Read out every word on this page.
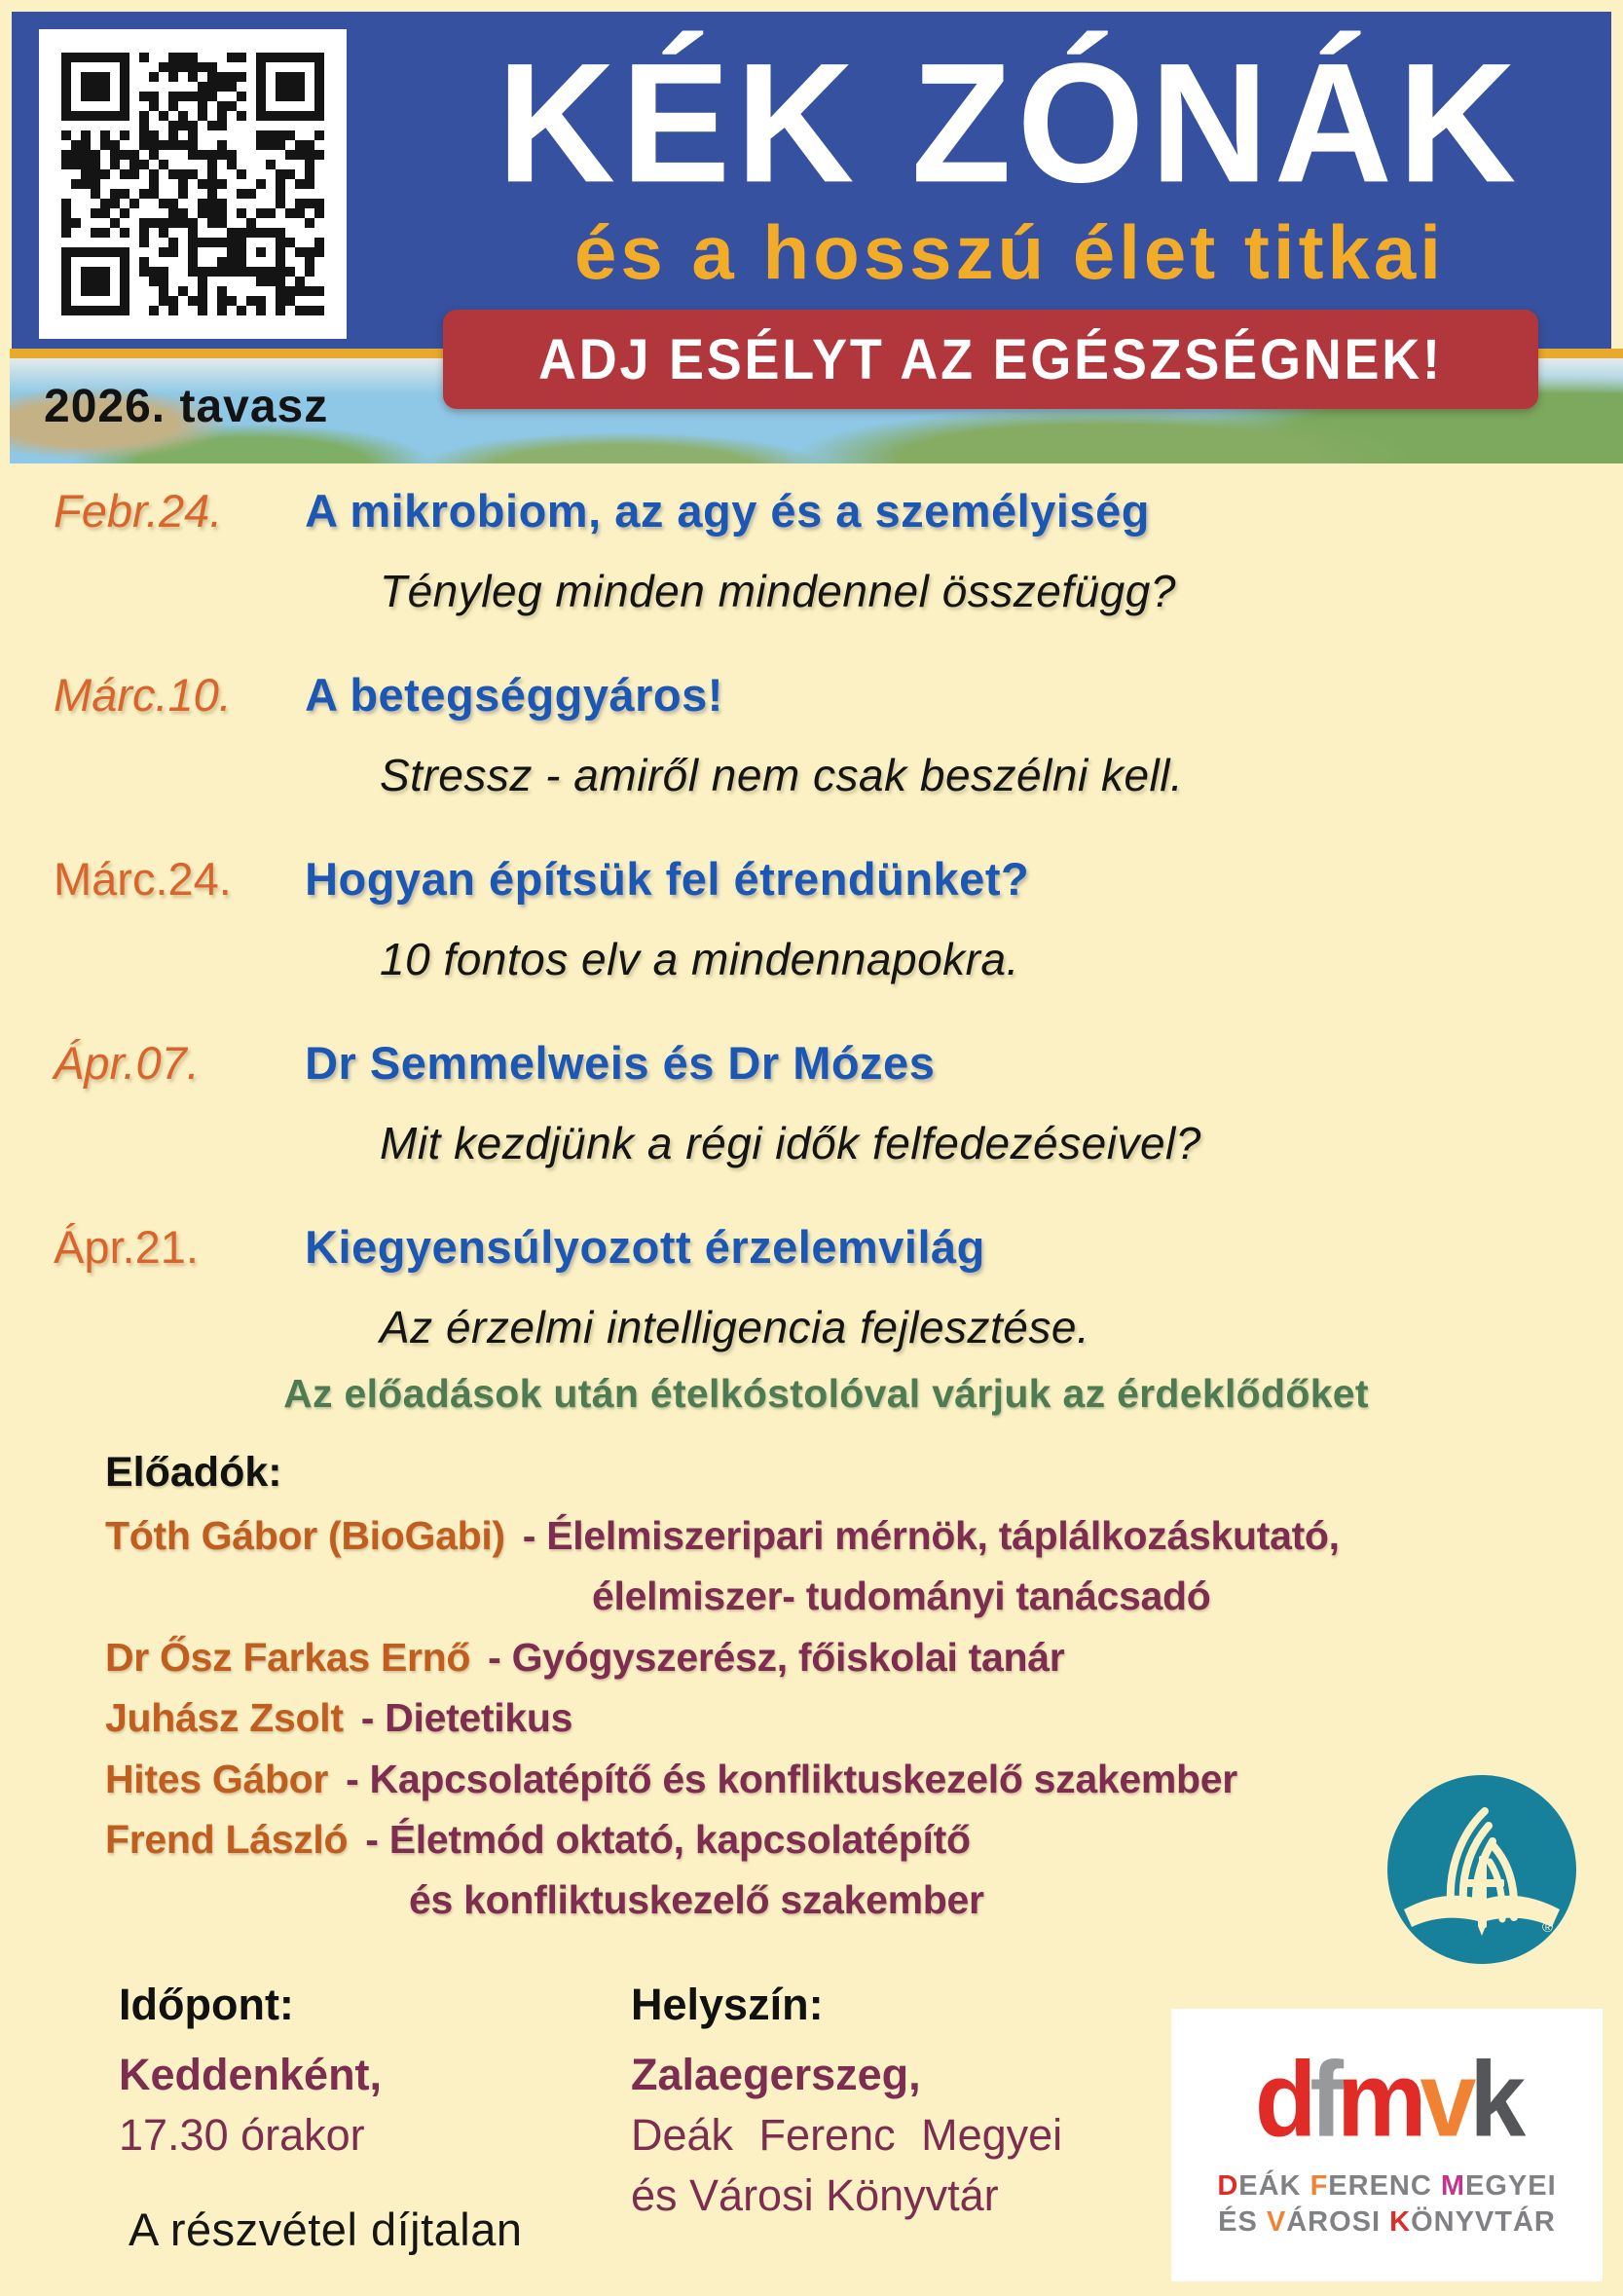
KÉK ZÓNÁK
és a hosszú élet titkai
ADJ ESÉLYT AZ EGÉSZSÉGNEK!
2026. tavasz
Febr.24. A mikrobiom, az agy és a személyiség
Tényleg minden mindennel összefügg?
Márc.10. A betegséggyáros!
Stressz - amiről nem csak beszélni kell.
Márc.24. Hogyan építsük fel étrendünket?
10 fontos elv a mindennapokra.
Ápr.07. Dr Semmelweis és Dr Mózes
Mit kezdjünk a régi idők felfedezéseivel?
Ápr.21. Kiegyensúlyozott érzelemvilág
Az érzelmi intelligencia fejlesztése.
Az előadások után ételkóstolóval várjuk az érdeklődőket
Előadók:
Tóth Gábor (BioGabi) - Élelmiszeripari mérnök, táplálkozáskutató,
élelmiszer- tudományi tanácsadó
Dr Ősz Farkas Ernő - Gyógyszerész, főiskolai tanár
Juhász Zsolt - Dietetikus
Hites Gábor - Kapcsolatépítő és konfliktuskezelő szakember
Frend László - Életmód oktató, kapcsolatépítő
és konfliktuskezelő szakember
®
Időpont:
Keddenként,
17.30 órakor
Helyszín:
Zalaegerszeg,
Deák Ferenc Megyei
és Városi Könyvtár
A részvétel díjtalan
dfmvk
DEÁK FERENC MEGYEI
ÉS VÁROSI KÖNYVTÁR
